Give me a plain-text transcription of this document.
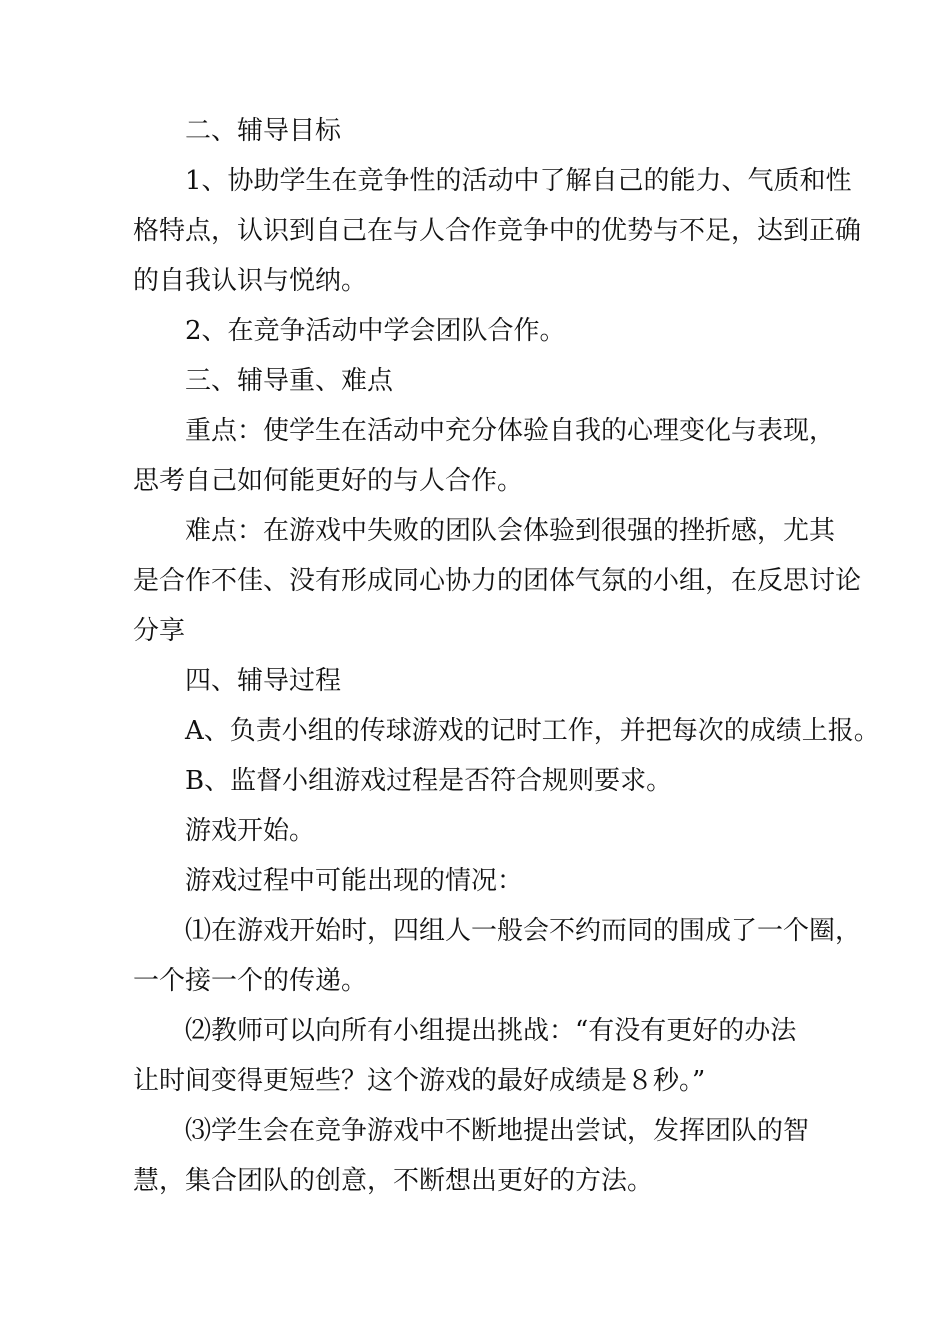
二、辅导目标

1、协助学生在竞争性的活动中了解自己的能力、气质和性
格特点，认识到自己在与人合作竞争中的优势与不足，达到正确
的自我认识与悦纳。

2、在竞争活动中学会团队合作。

三、辅导重、难点

重点：使学生在活动中充分体验自我的心理变化与表现，
思考自己如何能更好的与人合作。

难点：在游戏中失败的团队会体验到很强的挫折感，尤其
是合作不佳、没有形成同心协力的团体气氛的小组，在反思讨论
分享

四、辅导过程

A、负责小组的传球游戏的记时工作，并把每次的成绩上报。

B、监督小组游戏过程是否符合规则要求。

游戏开始。

游戏过程中可能出现的情况：

⑴在游戏开始时，四组人一般会不约而同的围成了一个圈，
一个接一个的传递。

⑵教师可以向所有小组提出挑战：“有没有更好的办法
让时间变得更短些？这个游戏的最好成绩是８秒。”

⑶学生会在竞争游戏中不断地提出尝试，发挥团队的智
慧，集合团队的创意，不断想出更好的方法。
